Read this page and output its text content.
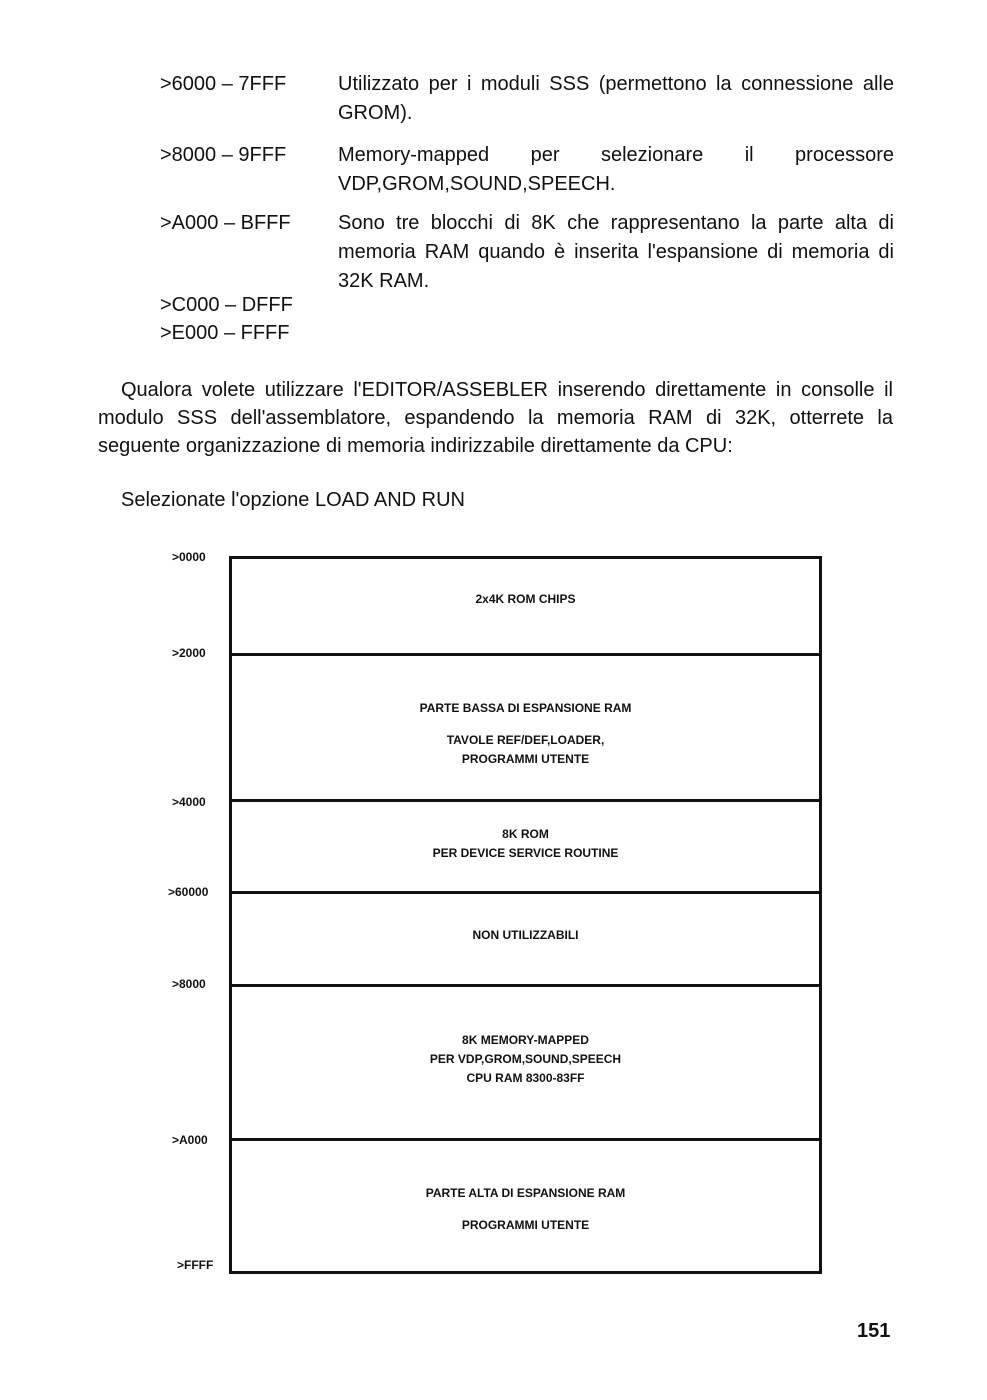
>6000 – 7FFF	Utilizzato per i moduli SSS (permettono la connessione alle GROM).
>8000 – 9FFF	Memory-mapped per selezionare il processore VDP,GROM,SOUND,SPEECH.
>A000 – BFFF	Sono tre blocchi di 8K che rappresentano la parte alta di memoria RAM quando è inserita l'espansione di memoria di 32K RAM.
>C000 – DFFF
>E000 – FFFF
Qualora volete utilizzare l'EDITOR/ASSEBLER inserendo direttamente in consolle il modulo SSS dell'assemblatore, espandendo la memoria RAM di 32K, otterrete la seguente organizzazione di memoria indirizzabile direttamente da CPU:
Selezionate l'opzione LOAD AND RUN
>0000
>2000
>4000
>60000
>8000
>A000
>FFFF
2x4K ROM CHIPS
PARTE BASSA DI ESPANSIONE RAM
TAVOLE REF/DEF,LOADER,
PROGRAMMI UTENTE
8K ROM
PER DEVICE SERVICE ROUTINE
NON UTILIZZABILI
8K MEMORY-MAPPED
PER VDP,GROM,SOUND,SPEECH
CPU RAM 8300-83FF
PARTE ALTA DI ESPANSIONE RAM
PROGRAMMI UTENTE
151
